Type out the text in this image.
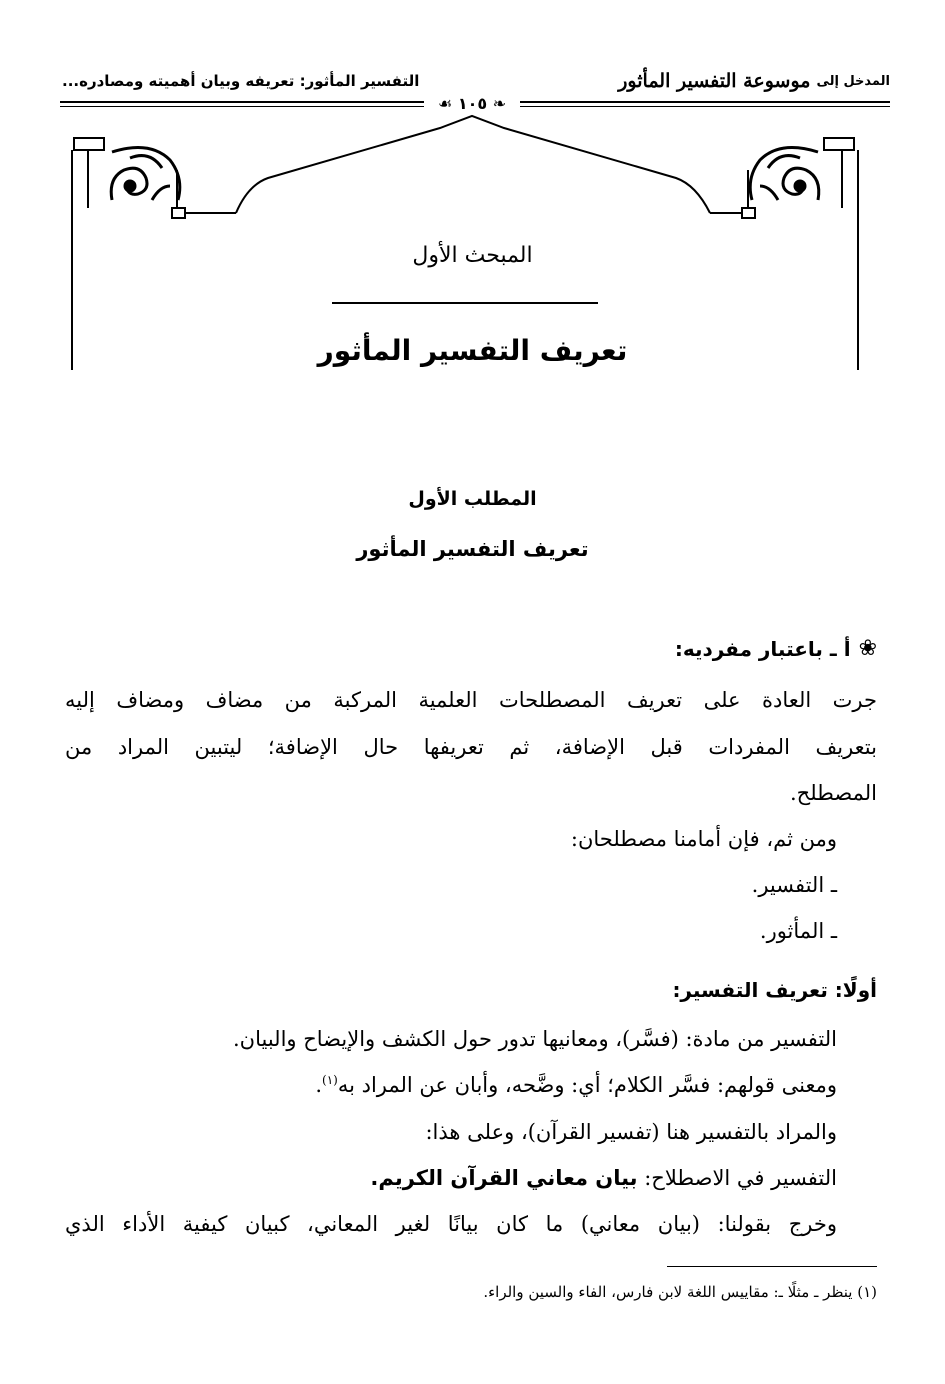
المدخل إلى
موسوعة التفسير المأثور
التفسير المأثور: تعريفه وبيان أهميته ومصادره...
❧ ١٠٥ ☙
المبحث الأول
تعريف التفسير المأثور
المطلب الأول
تعريف التفسير المأثور
❀
أ ـ باعتبار مفرديه:
جرت العادة على تعريف المصطلحات العلمية المركبة من مضاف ومضاف إليه
بتعريف المفردات قبل الإضافة، ثم تعريفها حال الإضافة؛ ليتبين المراد من
المصطلح.
ومن ثم، فإن أمامنا مصطلحان:
ـ التفسير.
ـ المأثور.
أولًا: تعريف التفسير:
التفسير من مادة: (فسَّر)، ومعانيها تدور حول الكشف والإيضاح والبيان.
ومعنى قولهم: فسَّر الكلام؛ أي: وضَّحه، وأبان عن المراد به$^{(١)}$.
والمراد بالتفسير هنا (تفسير القرآن)، وعلى هذا:
التفسير في الاصطلاح: بيان معاني القرآن الكريم.
وخرج بقولنا: (بيان معاني) ما كان بيانًا لغير المعاني، كبيان كيفية الأداء الذي
(١) ينظر ـ مثلًا ـ: مقاييس اللغة لابن فارس، الفاء والسين والراء.
